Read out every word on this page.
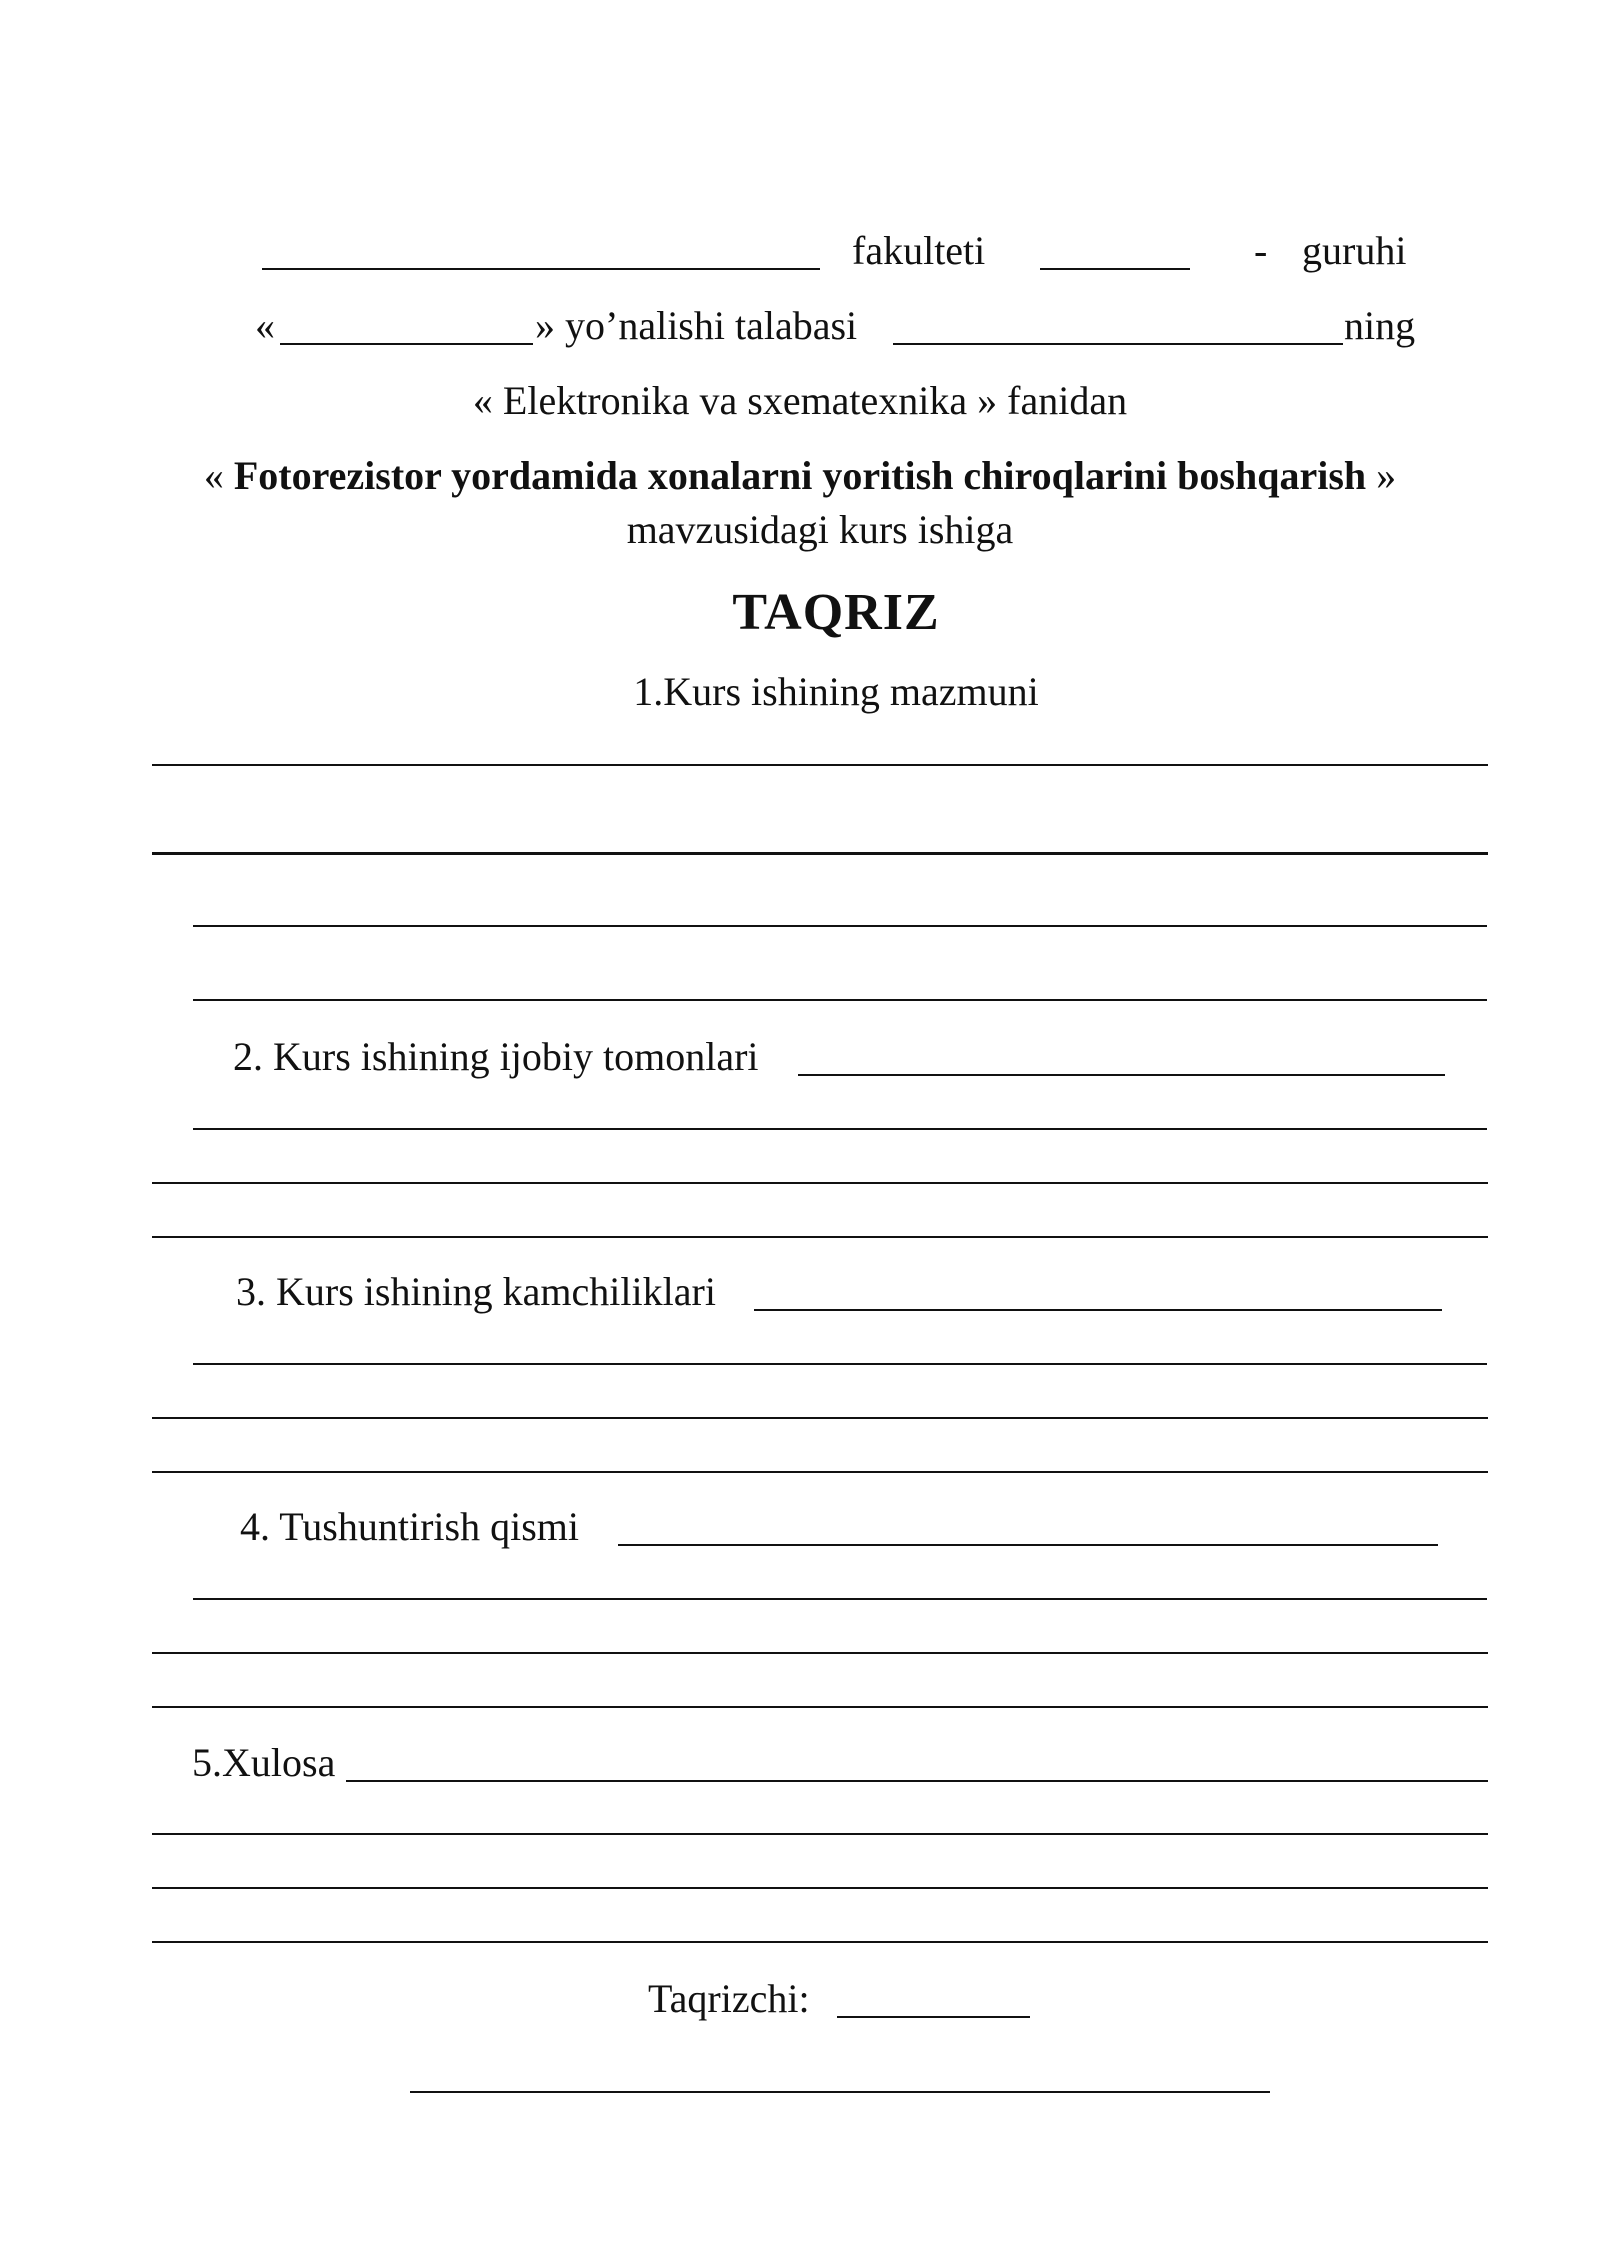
fakulteti	- guruhi
«	» yo’nalishi talabasi	ning
« Elektronika va sxematexnika » fanidan
« Fotorezistor yordamida xonalarni yoritish chiroqlarini boshqarish »
mavzusidagi kurs ishiga
TAQRIZ
1.Kurs ishining mazmuni
2. Kurs ishining ijobiy tomonlari
3. Kurs ishining kamchiliklari
4. Tushuntirish qismi
5.Xulosa
Taqrizchi:
